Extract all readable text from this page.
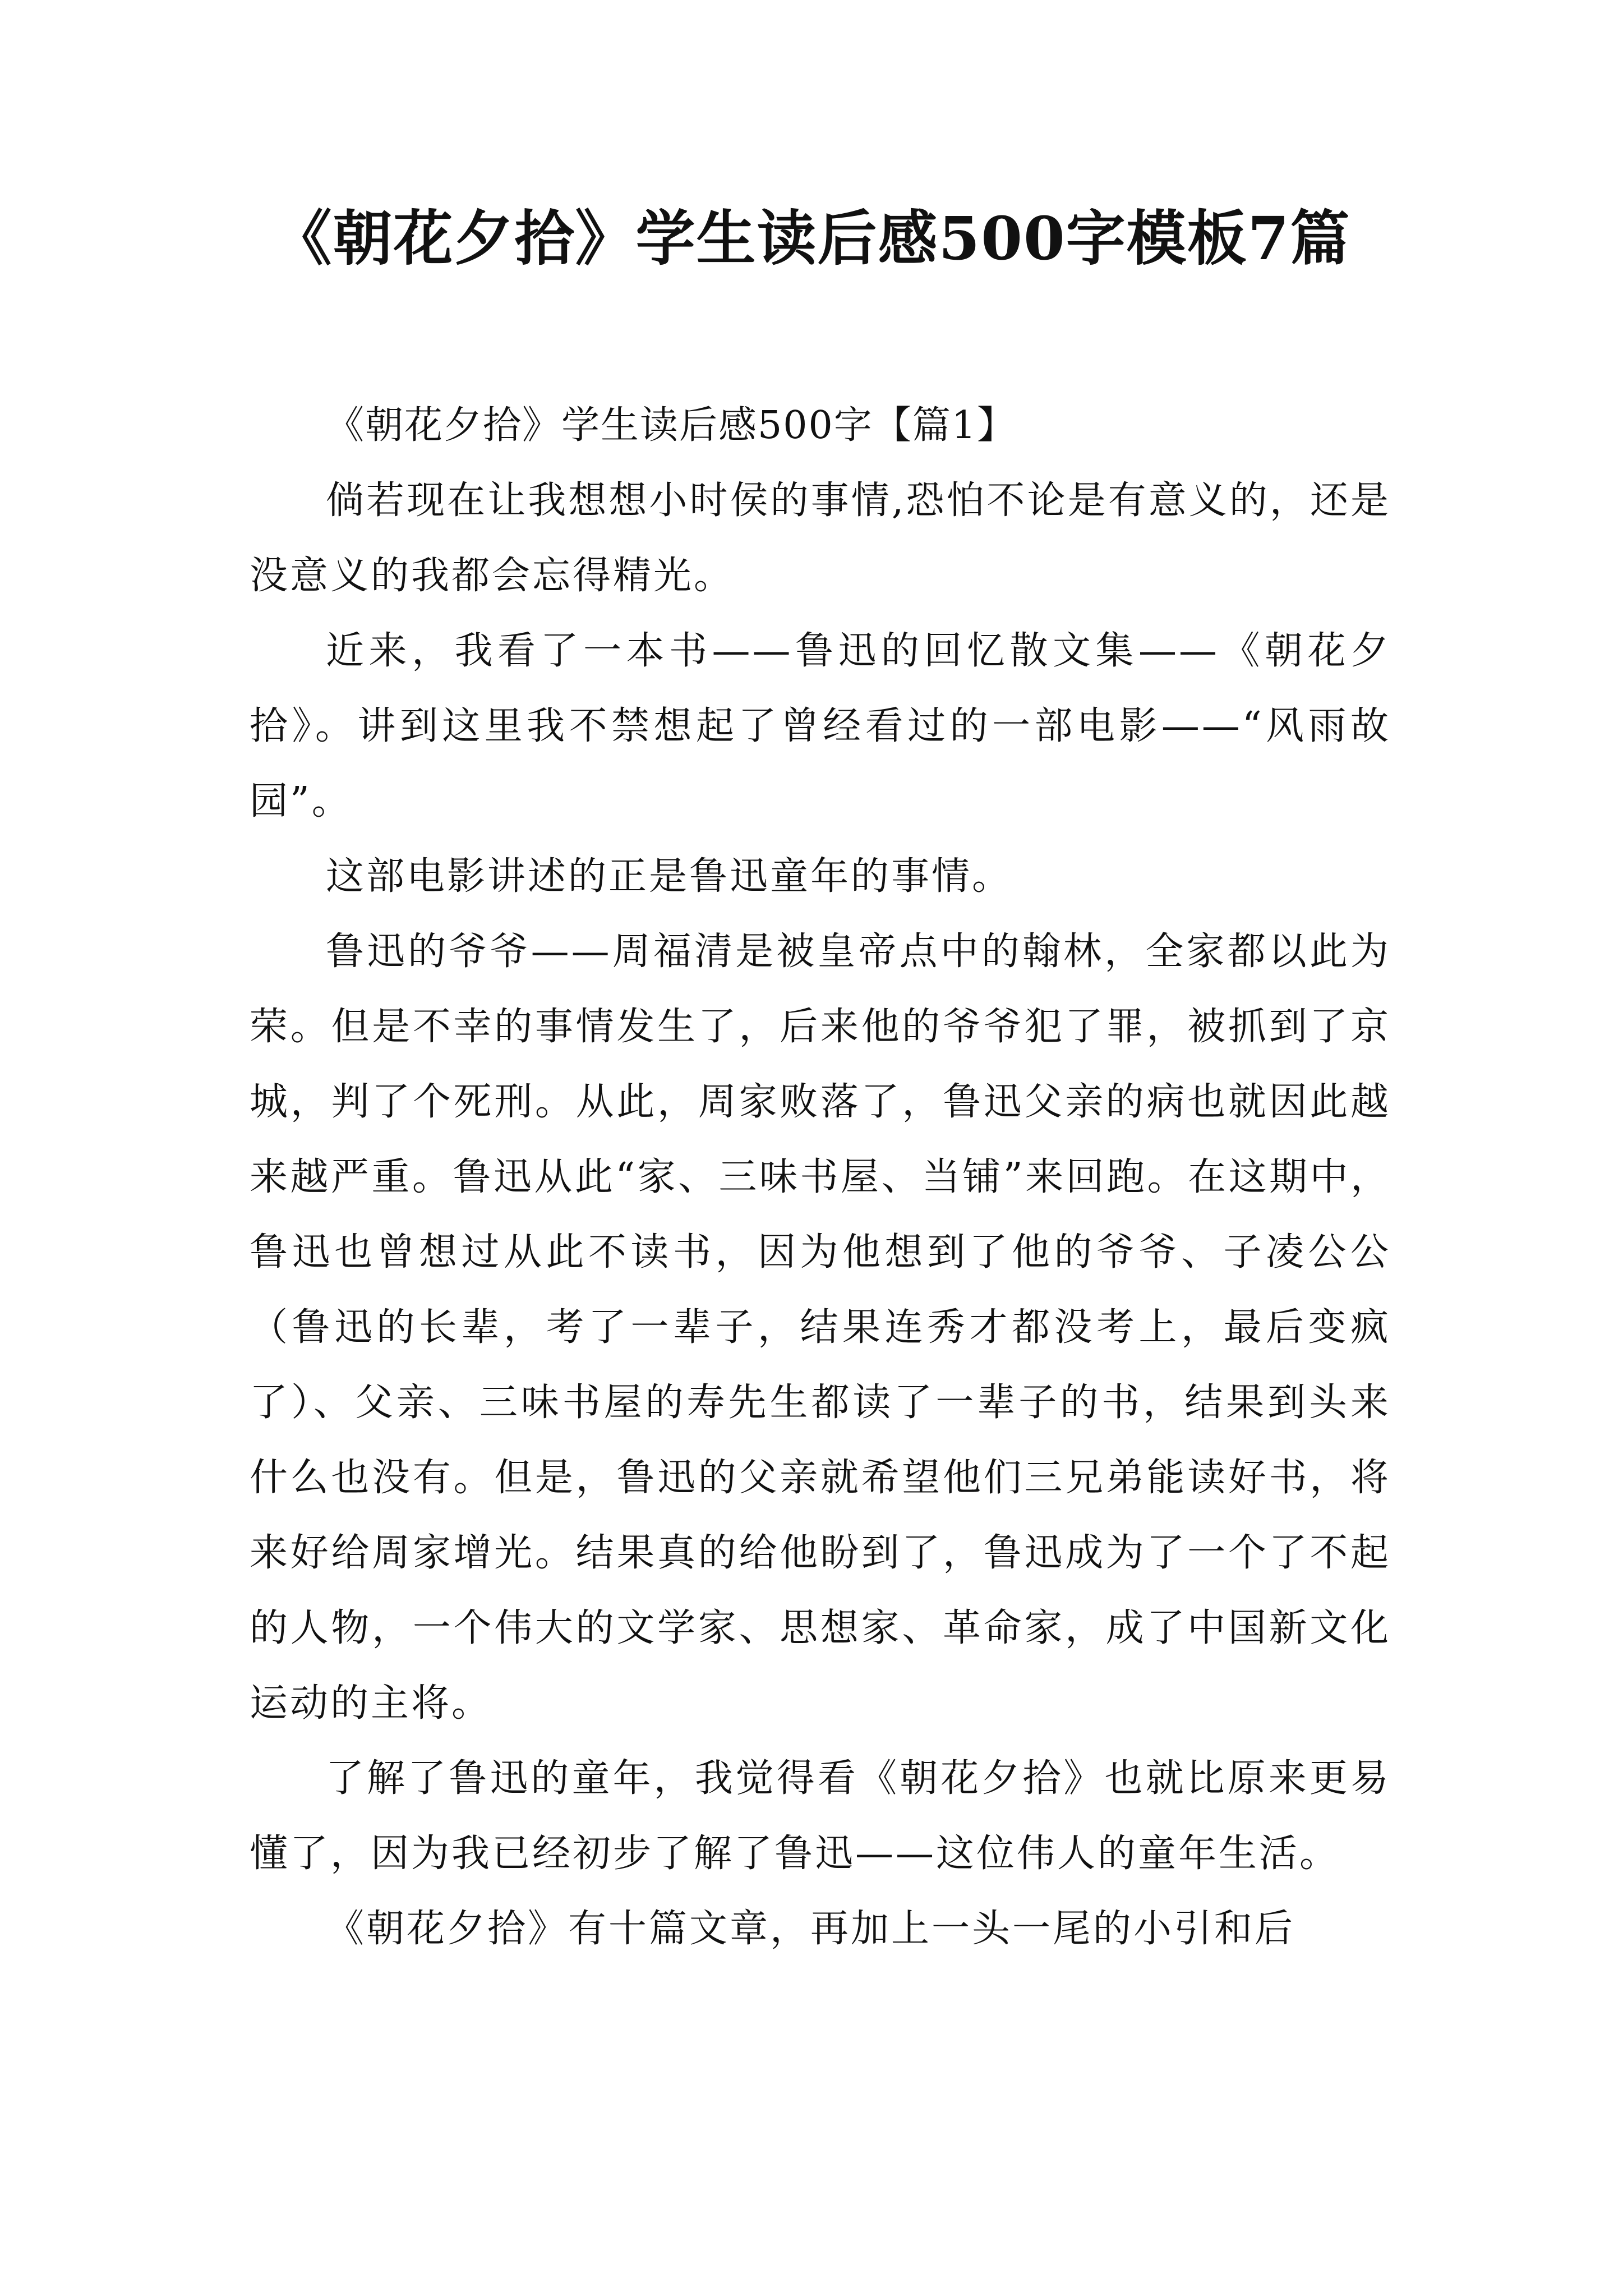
《朝花夕拾》学生读后感500字模板7篇

《朝花夕拾》学生读后感500字【篇1】

倘若现在让我想想小时侯的事情,恐怕不论是有意义的，还是没意义的我都会忘得精光。

近来，我看了一本书——鲁迅的回忆散文集——《朝花夕拾》。讲到这里我不禁想起了曾经看过的一部电影——“风雨故园”。

这部电影讲述的正是鲁迅童年的事情。

鲁迅的爷爷——周福清是被皇帝点中的翰林，全家都以此为荣。但是不幸的事情发生了，后来他的爷爷犯了罪，被抓到了京城，判了个死刑。从此，周家败落了，鲁迅父亲的病也就因此越来越严重。鲁迅从此“家、三味书屋、当铺”来回跑。在这期中，鲁迅也曾想过从此不读书，因为他想到了他的爷爷、子凌公公（鲁迅的长辈，考了一辈子，结果连秀才都没考上，最后变疯了）、父亲、三味书屋的寿先生都读了一辈子的书，结果到头来什么也没有。但是，鲁迅的父亲就希望他们三兄弟能读好书，将来好给周家增光。结果真的给他盼到了，鲁迅成为了一个了不起的人物，一个伟大的文学家、思想家、革命家，成了中国新文化运动的主将。

了解了鲁迅的童年，我觉得看《朝花夕拾》也就比原来更易懂了，因为我已经初步了解了鲁迅——这位伟人的童年生活。

《朝花夕拾》有十篇文章，再加上一头一尾的小引和后
